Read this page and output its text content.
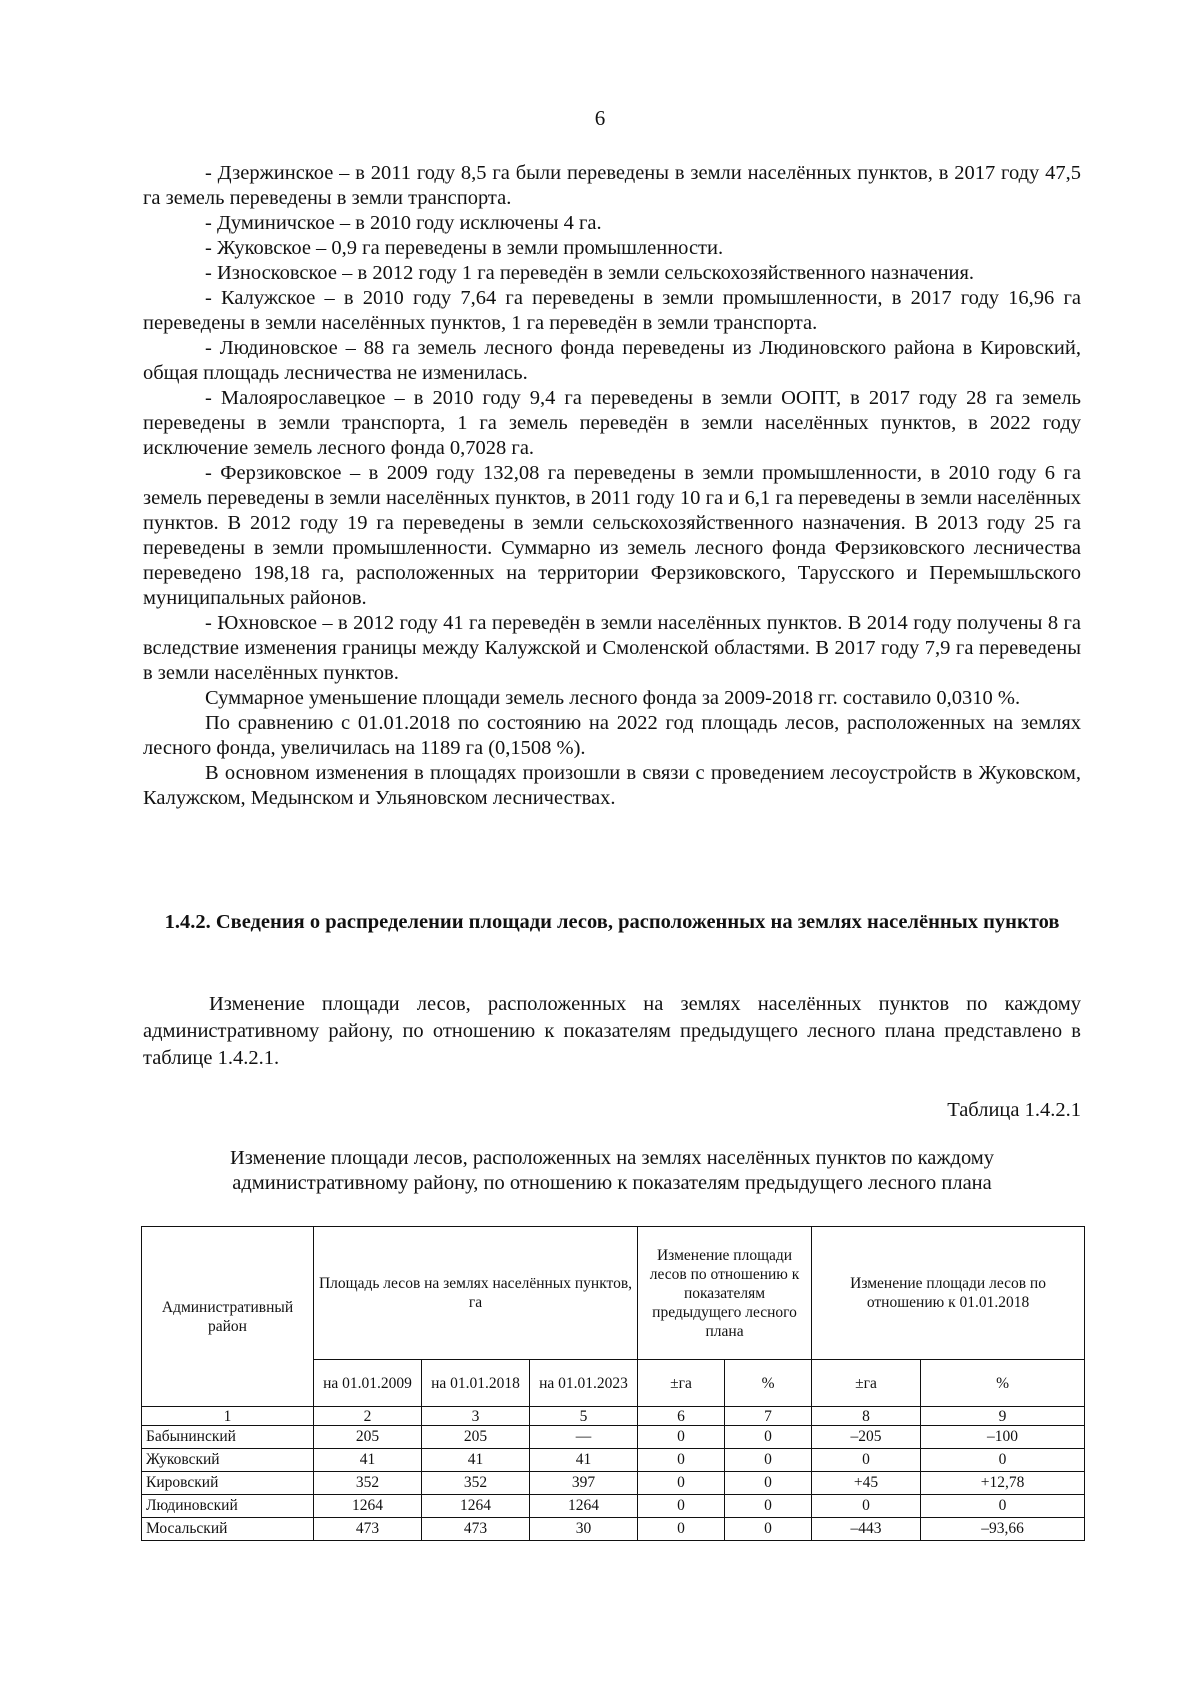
6

- Дзержинское – в 2011 году 8,5 га были переведены в земли населённых пунктов, в 2017 году 47,5 га земель переведены в земли транспорта.

- Думиничское – в 2010 году исключены 4 га.

- Жуковское – 0,9 га переведены в земли промышленности.

- Износковское – в 2012 году 1 га переведён в земли сельскохозяйственного назначения.

- Калужское – в 2010 году 7,64 га переведены в земли промышленности, в 2017 году 16,96 га переведены в земли населённых пунктов, 1 га переведён в земли транспорта.

- Людиновское – 88 га земель лесного фонда переведены из Людиновского района в Кировский, общая площадь лесничества не изменилась.

- Малоярославецкое – в 2010 году 9,4 га переведены в земли ООПТ, в 2017 году 28 га земель переведены в земли транспорта, 1 га земель переведён в земли населённых пунктов, в 2022 году исключение земель лесного фонда 0,7028 га.

- Ферзиковское – в 2009 году 132,08 га переведены в земли промышленности, в 2010 году 6 га земель переведены в земли населённых пунктов, в 2011 году 10 га и 6,1 га переведены в земли населённых пунктов. В 2012 году 19 га переведены в земли сельскохозяйственного назначения. В 2013 году 25 га переведены в земли промышленности. Суммарно из земель лесного фонда Ферзиковского лесничества переведено 198,18 га, расположенных на территории Ферзиковского, Тарусского и Перемышльского муниципальных районов.

- Юхновское – в 2012 году 41 га переведён в земли населённых пунктов. В 2014 году получены 8 га вследствие изменения границы между Калужской и Смоленской областями. В 2017 году 7,9 га переведены в земли населённых пунктов.

Суммарное уменьшение площади земель лесного фонда за 2009-2018 гг. составило 0,0310 %.

По сравнению с 01.01.2018 по состоянию на 2022 год площадь лесов, расположенных на землях лесного фонда, увеличилась на 1189 га (0,1508 %).

В основном изменения в площадях произошли в связи с проведением лесоустройств в Жуковском, Калужском, Медынском и Ульяновском лесничествах.

1.4.2. Сведения о распределении площади лесов, расположенных на землях населённых пунктов

Изменение площади лесов, расположенных на землях населённых пунктов по каждому административному району, по отношению к показателям предыдущего лесного плана представлено в таблице 1.4.2.1.

Таблица 1.4.2.1
Изменение площади лесов, расположенных на землях населённых пунктов по каждому административному району, по отношению к показателям предыдущего лесного плана
Административный район	Площадь лесов на землях населённых пунктов, га			Изменение площади лесов по отношению к показателям предыдущего лесного плана		Изменение площади лесов по отношению к 01.01.2018	
	на 01.01.2009	на 01.01.2018	на 01.01.2023	±га	%	±га	%
1	2	3	5	6	7	8	9
Бабынинский	205	205	—	0	0	–205	–100
Жуковский	41	41	41	0	0	0	0
Кировский	352	352	397	0	0	+45	+12,78
Людиновский	1264	1264	1264	0	0	0	0
Мосальский	473	473	30	0	0	–443	–93,66
